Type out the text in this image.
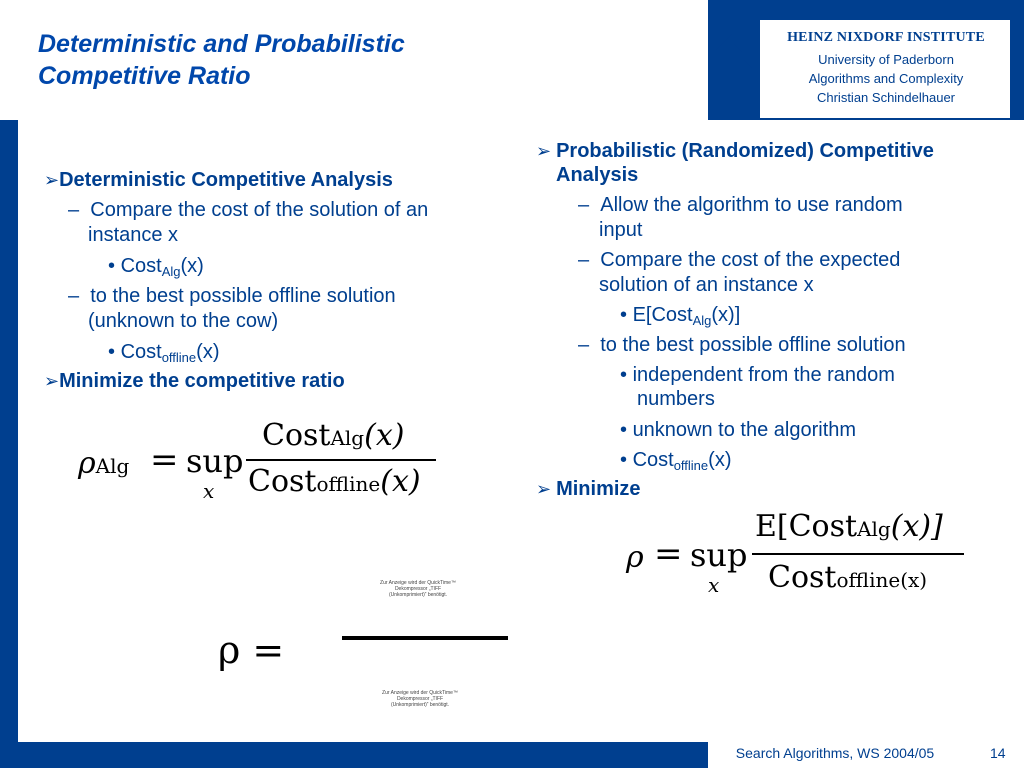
Deterministic and Probabilistic
Competitive Ratio
HEINZ NIXDORF INSTITUTE
University of Paderborn
Algorithms and Complexity
Christian Schindelhauer
➢Deterministic Competitive Analysis
–  Compare the cost of the solution of an
instance x
• Cost$_{Alg}$(x)
–  to the best possible offline solution
(unknown to the cow)
• Cost$_{offline}$(x)
➢Minimize the competitive ratio
ρAlg = sup
x
CostAlg(x)
Costoffline(x)
➢ Probabilistic (Randomized) Competitive
Analysis
–  Allow the algorithm to use random
input
–  Compare the cost of the expected
solution of an instance x
• E[Cost$_{Alg}$(x)]
–  to the best possible offline solution
• independent from the random
numbers
• unknown to the algorithm
• Cost$_{offline}$(x)
➢ Minimize
ρ = sup
x
E[CostAlg(x)]
Costoffline(x)
Zur Anzeige wird der QuickTime™ Dekompressor „TIFF (Unkomprimiert)“ benötigt.
ρ =
Zur Anzeige wird der QuickTime™ Dekompressor „TIFF (Unkomprimiert)“ benötigt.
Search Algorithms, WS 2004/05	14
